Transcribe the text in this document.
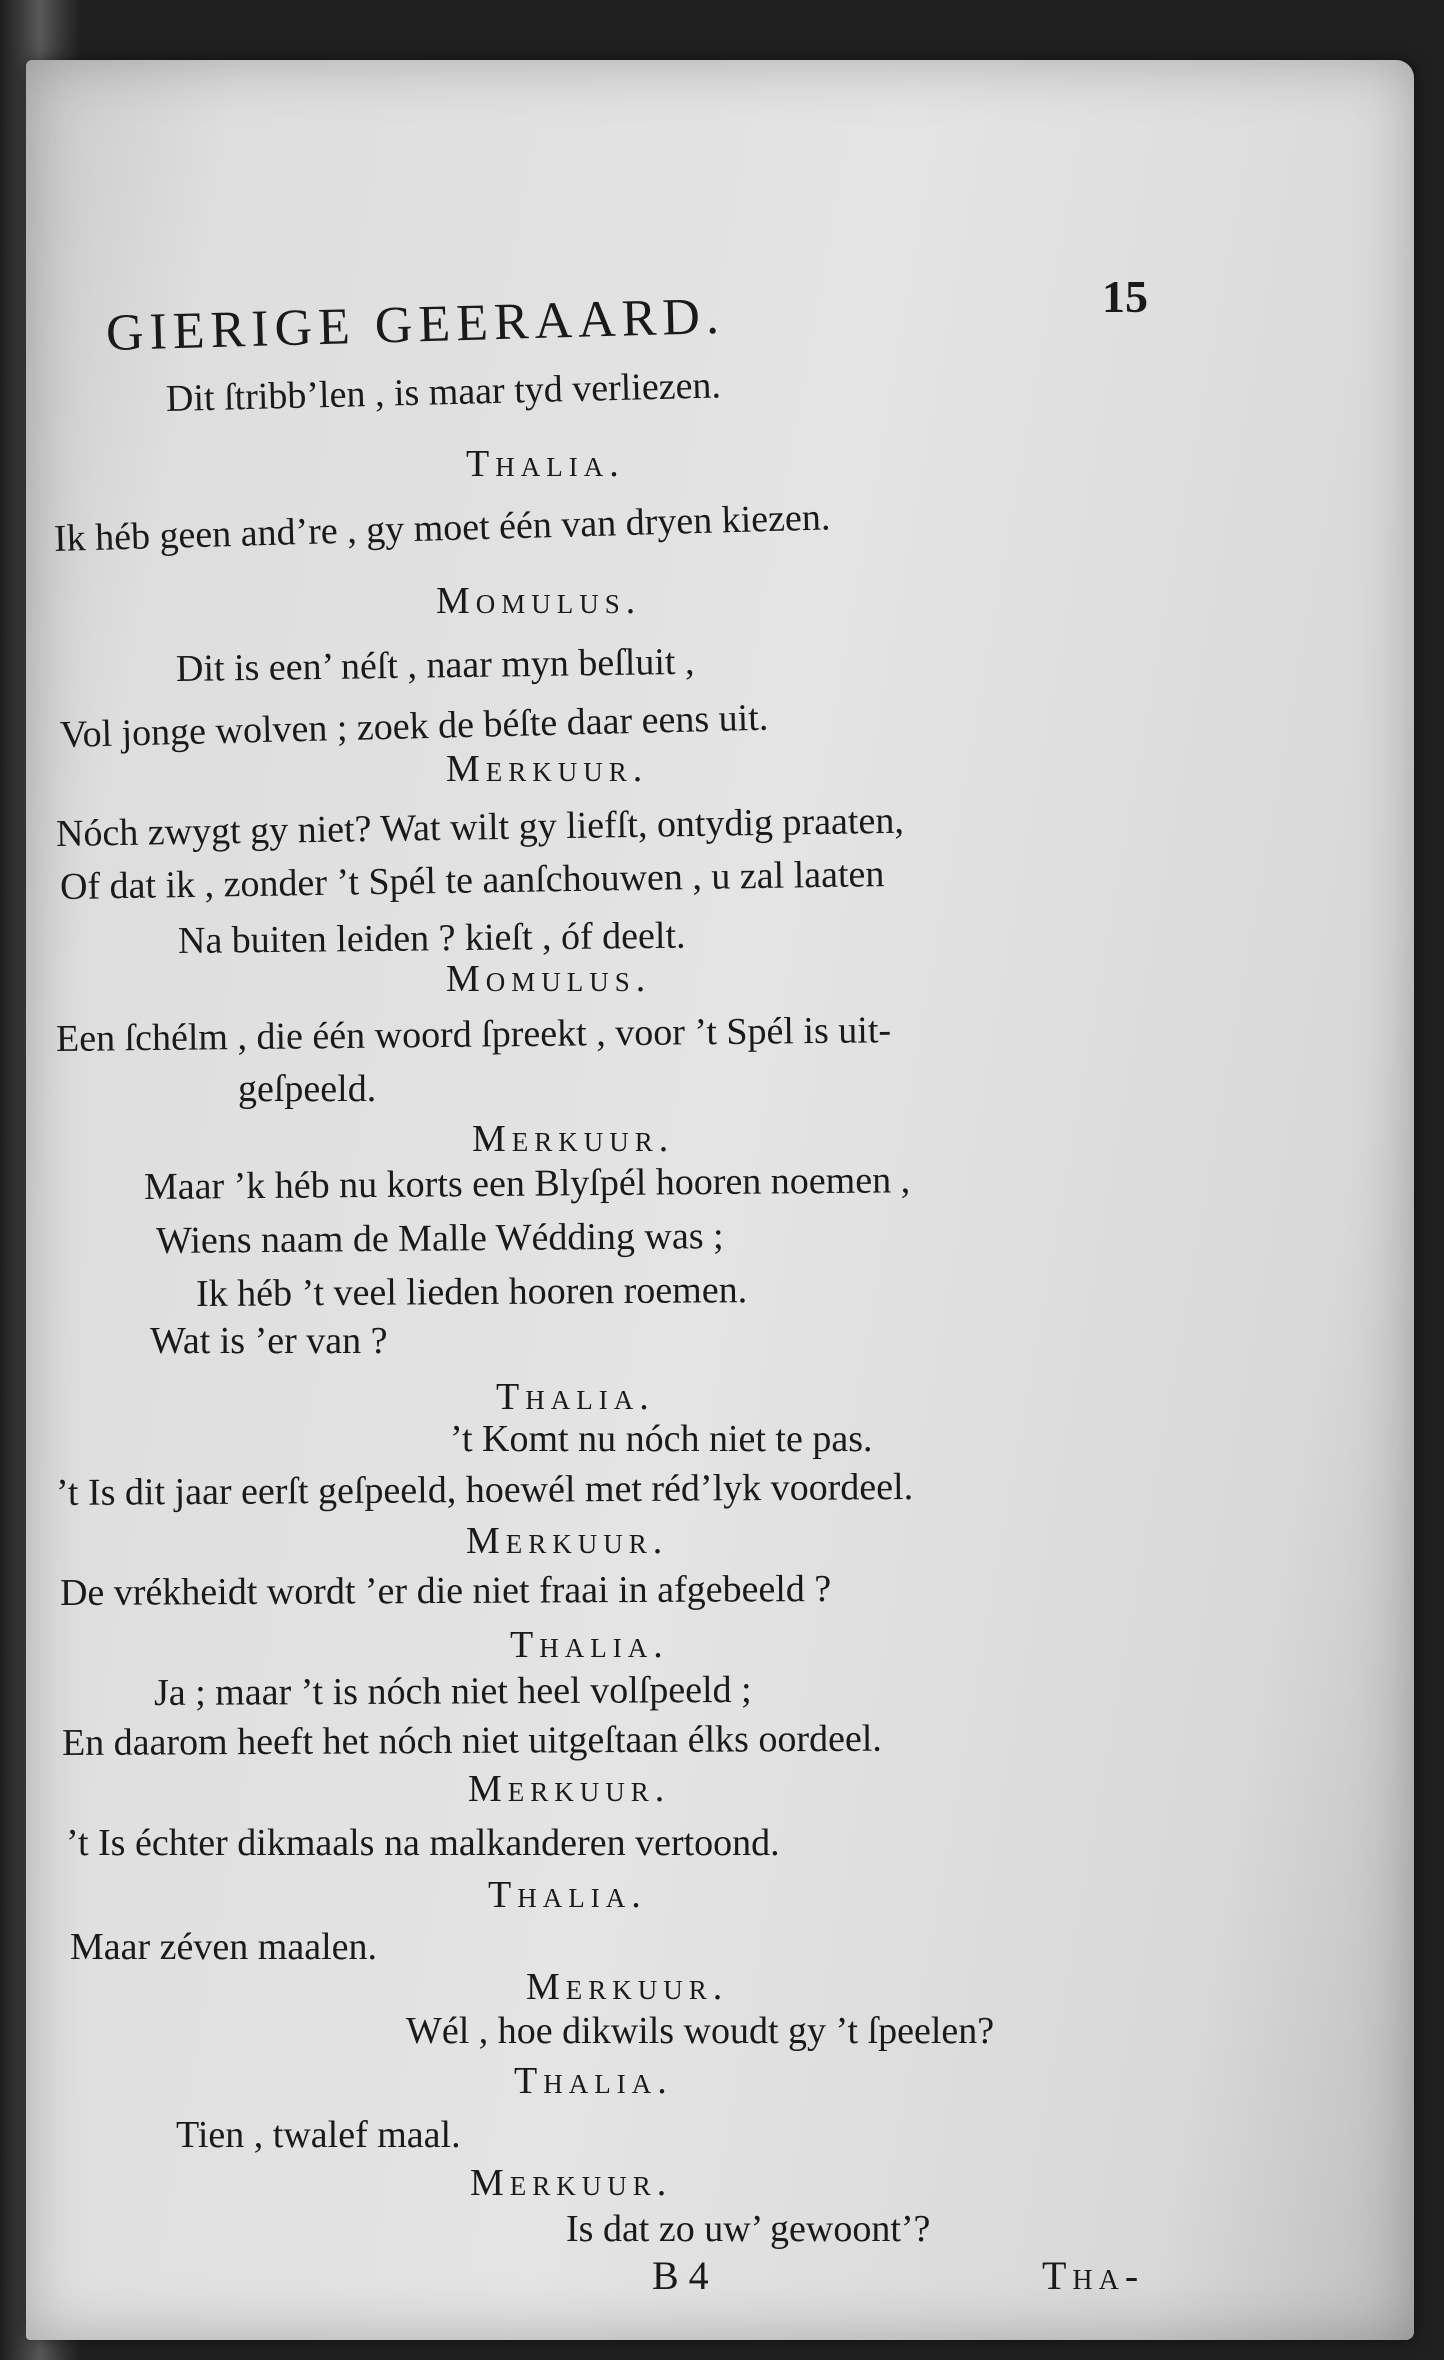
GIERIGE GEERAARD.	15
Dit ſtribb’len , is maar tyd verliezen.
Thalia.
Ik héb geen and’re , gy moet één van dryen kiezen.
Momulus.
Dit is een’ néſt , naar myn beſluit ,
Vol jonge wolven ; zoek de béſte daar eens uit.
Merkuur.
Nóch zwygt gy niet? Wat wilt gy liefſt, ontydig praaten,
Of dat ik , zonder ’t Spél te aanſchouwen , u zal laaten
Na buiten leiden ? kieſt , óf deelt.
Momulus.
Een ſchélm , die één woord ſpreekt , voor ’t Spél is uit-
geſpeeld.
Merkuur.
Maar ’k héb nu korts een Blyſpél hooren noemen ,
Wiens naam de Malle Wédding was ;
Ik héb ’t veel lieden hooren roemen.
Wat is ’er van ?
Thalia.
’t Komt nu nóch niet te pas.
’t Is dit jaar eerſt geſpeeld, hoewél met réd’lyk voordeel.
Merkuur.
De vrékheidt wordt ’er die niet fraai in afgebeeld ?
Thalia.
Ja ; maar ’t is nóch niet heel volſpeeld ;
En daarom heeft het nóch niet uitgeſtaan élks oordeel.
Merkuur.
’t Is échter dikmaals na malkanderen vertoond.
Thalia.
Maar zéven maalen.
Merkuur.
Wél , hoe dikwils woudt gy ’t ſpeelen?
Thalia.
Tien , twalef maal.
Merkuur.
Is dat zo uw’ gewoont’?
B 4	Tha-
